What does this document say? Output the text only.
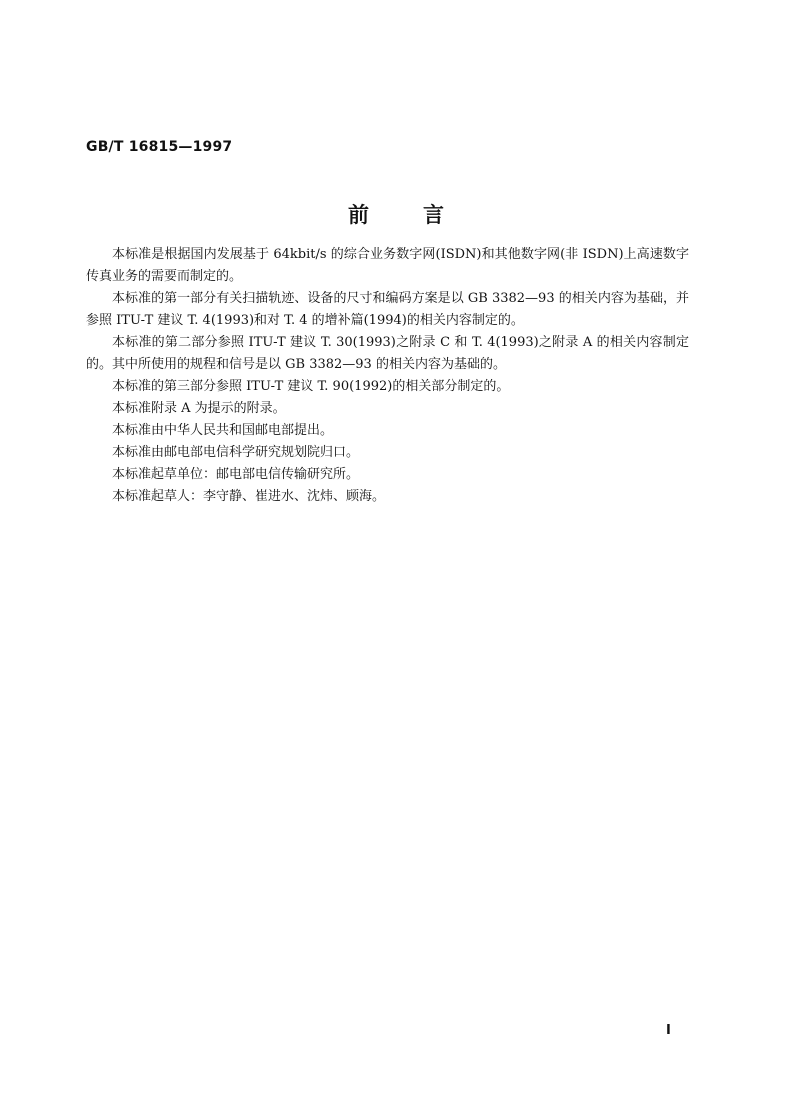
GB/T 16815—1997
前言

本标准是根据国内发展基于 64kbit/s 的综合业务数字网(ISDN)和其他数字网(非 ISDN)上高速数字传真业务的需要而制定的。

本标准的第一部分有关扫描轨迹、设备的尺寸和编码方案是以 GB 3382—93 的相关内容为基础，并参照 ITU-T 建议 T. 4(1993)和对 T. 4 的增补篇(1994)的相关内容制定的。

本标准的第二部分参照 ITU-T 建议 T. 30(1993)之附录 C 和 T. 4(1993)之附录 A 的相关内容制定的。其中所使用的规程和信号是以 GB 3382—93 的相关内容为基础的。

本标准的第三部分参照 ITU-T 建议 T. 90(1992)的相关部分制定的。

本标准附录 A 为提示的附录。

本标准由中华人民共和国邮电部提出。

本标准由邮电部电信科学研究规划院归口。

本标准起草单位：邮电部电信传输研究所。

本标准起草人：李守静、崔进水、沈炜、顾海。

I
